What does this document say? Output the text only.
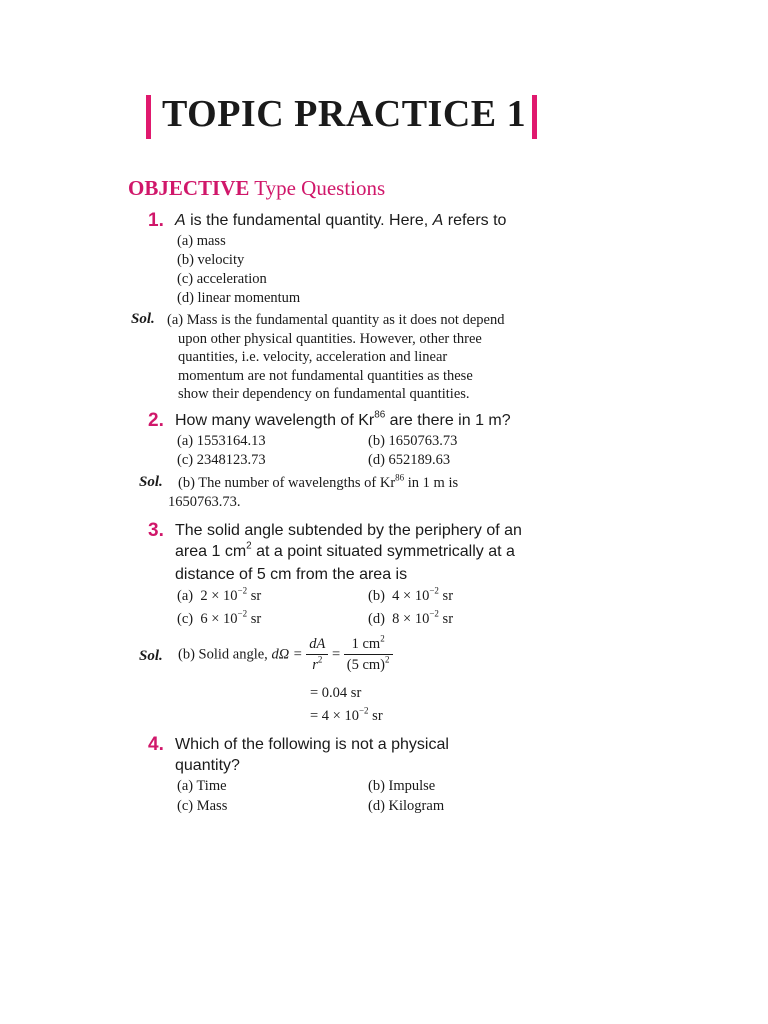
TOPIC PRACTICE 1
OBJECTIVE Type Questions
1. A is the fundamental quantity. Here, A refers to
(a) mass
(b) velocity
(c) acceleration
(d) linear momentum
Sol. (a) Mass is the fundamental quantity as it does not depend
upon other physical quantities. However, other three
quantities, i.e. velocity, acceleration and linear
momentum are not fundamental quantities as these
show their dependency on fundamental quantities.
2. How many wavelength of Kr$^{86}$ are there in 1 m?
(a) 1553164.13	(b) 1650763.73
(c) 2348123.73	(d) 652189.63
Sol. (b) The number of wavelengths of Kr$^{86}$ in 1 m is
1650763.73.
3. The solid angle subtended by the periphery of an
area 1 $cm^2$ at a point situated symmetrically at a
distance of 5 cm from the area is
(a) $2 \times 10^{-2}$ sr	(b) $4 \times 10^{-2}$ sr
(c) $6 \times 10^{-2}$ sr	(d) $8 \times 10^{-2}$ sr
Sol. (b) Solid angle, $d\Omega = \frac{dA}{r^2} = \frac{1 cm^2}{(5 cm)^2}$
= 0.04 sr
= $4 \times 10^{-2}$ sr
4. Which of the following is not a physical
quantity?
(a) Time	(b) Impulse
(c) Mass	(d) Kilogram
